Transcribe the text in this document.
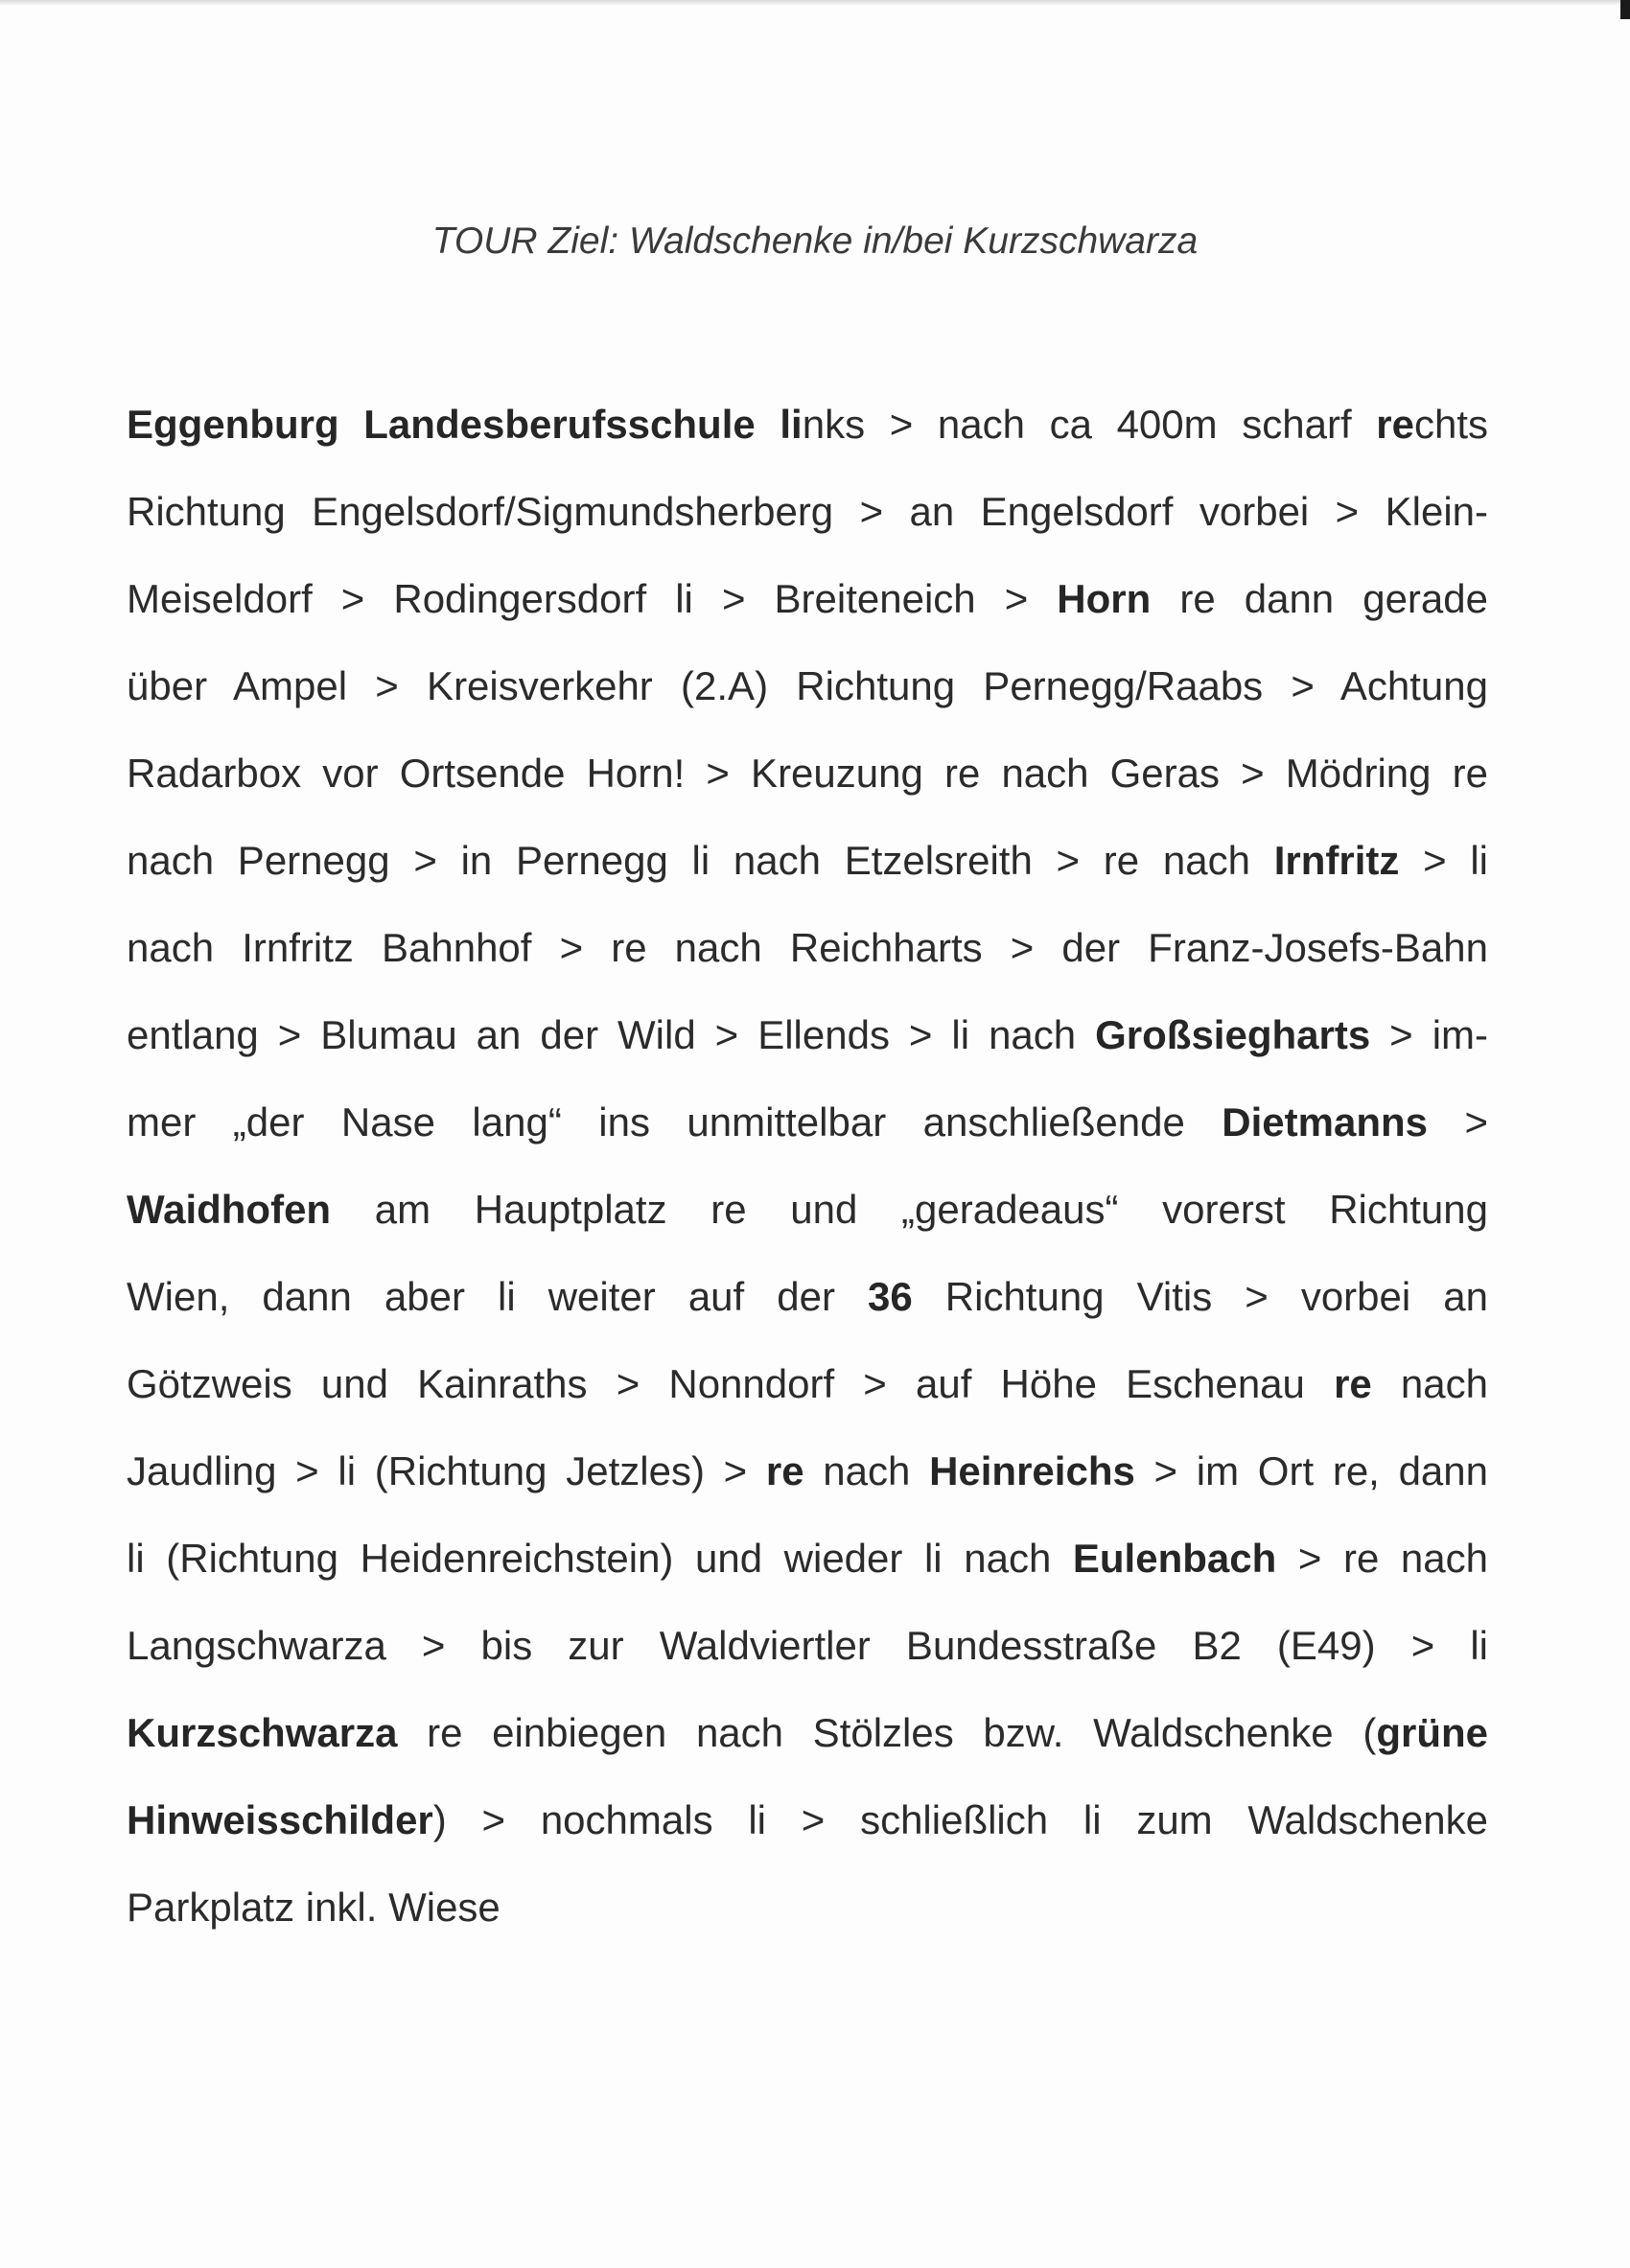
TOUR Ziel: Waldschenke in/bei Kurzschwarza
Eggenburg Landesberufsschule links > nach ca 400m scharf rechts
Richtung Engelsdorf/Sigmundsherberg > an Engelsdorf vorbei > Klein-
Meiseldorf > Rodingersdorf li > Breiteneich > Horn re dann gerade
über Ampel > Kreisverkehr (2.A) Richtung Pernegg/Raabs > Achtung
Radarbox vor Ortsende Horn! > Kreuzung re nach Geras > Mödring re
nach Pernegg > in Pernegg li nach Etzelsreith > re nach Irnfritz > li
nach Irnfritz Bahnhof > re nach Reichharts > der Franz-Josefs-Bahn
entlang > Blumau an der Wild > Ellends > li nach Großsiegharts > im-
mer „der Nase lang“ ins unmittelbar anschließende Dietmanns >
Waidhofen am Hauptplatz re und „geradeaus“ vorerst Richtung
Wien, dann aber li weiter auf der 36 Richtung Vitis > vorbei an
Götzweis und Kainraths > Nonndorf > auf Höhe Eschenau re nach
Jaudling > li (Richtung Jetzles) > re nach Heinreichs > im Ort re, dann
li (Richtung Heidenreichstein) und wieder li nach Eulenbach > re nach
Langschwarza > bis zur Waldviertler Bundesstraße B2 (E49) > li
Kurzschwarza re einbiegen nach Stölzles bzw. Waldschenke (grüne
Hinweisschilder) > nochmals li > schließlich li zum Waldschenke
Parkplatz inkl. Wiese
